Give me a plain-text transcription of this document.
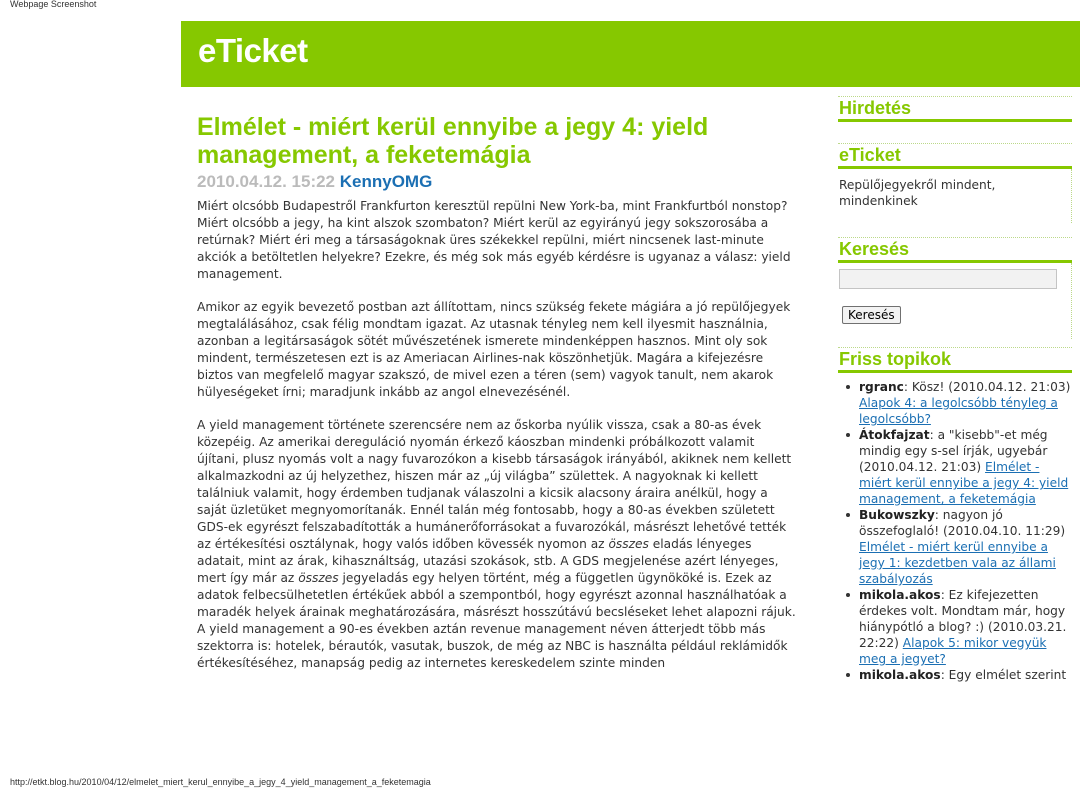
Webpage Screenshot
eTicket
Elmélet - miért kerül ennyibe a jegy 4: yield management, a feketemágia
2010.04.12. 15:22 KennyOMG

Miért olcsóbb Budapestről Frankfurton keresztül repülni New York-ba, mint Frankfurtból nonstop? Miért olcsóbb a jegy, ha kint alszok szombaton? Miért kerül az egyirányú jegy sokszorosába a retúrnak? Miért éri meg a társaságoknak üres székekkel repülni, miért nincsenek last-minute akciók a betöltetlen helyekre? Ezekre, és még sok más egyéb kérdésre is ugyanaz a válasz: yield management.

Amikor az egyik bevezető postban azt állítottam, nincs szükség fekete mágiára a jó repülőjegyek megtalálásához, csak félig mondtam igazat. Az utasnak tényleg nem kell ilyesmit használnia, azonban a legitársaságok sötét művészetének ismerete mindenképpen hasznos. Mint oly sok mindent, természetesen ezt is az Ameriacan Airlines-nak köszönhetjük. Magára a kifejezésre biztos van megfelelő magyar szakszó, de mivel ezen a téren (sem) vagyok tanult, nem akarok hülyeségeket írni; maradjunk inkább az angol elnevezésénél.

A yield management története szerencsére nem az őskorba nyúlik vissza, csak a 80-as évek közepéig. Az amerikai dereguláció nyomán érkező káoszban mindenki próbálkozott valamit újítani, plusz nyomás volt a nagy fuvarozókon a kisebb társaságok irányából, akiknek nem kellett alkalmazkodni az új helyzethez, hiszen már az „új világba” születtek. A nagyoknak ki kellett találniuk valamit, hogy érdemben tudjanak válaszolni a kicsik alacsony áraira anélkül, hogy a saját üzletüket megnyomorítanák. Ennél talán még fontosabb, hogy a 80-as években született GDS-ek egyrészt felszabadították a humánerőforrásokat a fuvarozókál, másrészt lehetővé tették az értékesítési osztálynak, hogy valós időben kövessék nyomon az összes eladás lényeges adatait, mint az árak, kihasználtság, utazási szokások, stb. A GDS megjelenése azért lényeges, mert így már az összes jegyeladás egy helyen történt, még a független ügynököké is. Ezek az adatok felbecsülhetetlen értékűek abból a szempontból, hogy egyrészt azonnal használhatóak a maradék helyek árainak meghatározására, másrészt hosszútávú becsléseket lehet alapozni rájuk. A yield management a 90-es években aztán revenue management néven átterjedt több más szektorra is: hotelek, bérautók, vasutak, buszok, de még az NBC is használta például reklámidők értékesítéséhez, manapság pedig az internetes kereskedelem szinte minden

Hirdetés
eTicket
Repülőjegyekről mindent, mindenkinek
Keresés
Keresés
Friss topikok
rgranc: Kösz! (2010.04.12. 21:03) Alapok 4: a legolcsóbb tényleg a legolcsóbb?
Átokfajzat: a "kisebb"-et még mindig egy s-sel írják, ugyebár (2010.04.12. 21:03) Elmélet - miért kerül ennyibe a jegy 4: yield management, a feketemágia
Bukowszky: nagyon jó összefoglaló! (2010.04.10. 11:29) Elmélet - miért kerül ennyibe a jegy 1: kezdetben vala az állami szabályozás
mikola.akos: Ez kifejezetten érdekes volt. Mondtam már, hogy hiánypótló a blog? :) (2010.03.21. 22:22) Alapok 5: mikor vegyük meg a jegyet?
mikola.akos: Egy elmélet szerint
http://etkt.blog.hu/2010/04/12/elmelet_miert_kerul_ennyibe_a_jegy_4_yield_management_a_feketemagia
